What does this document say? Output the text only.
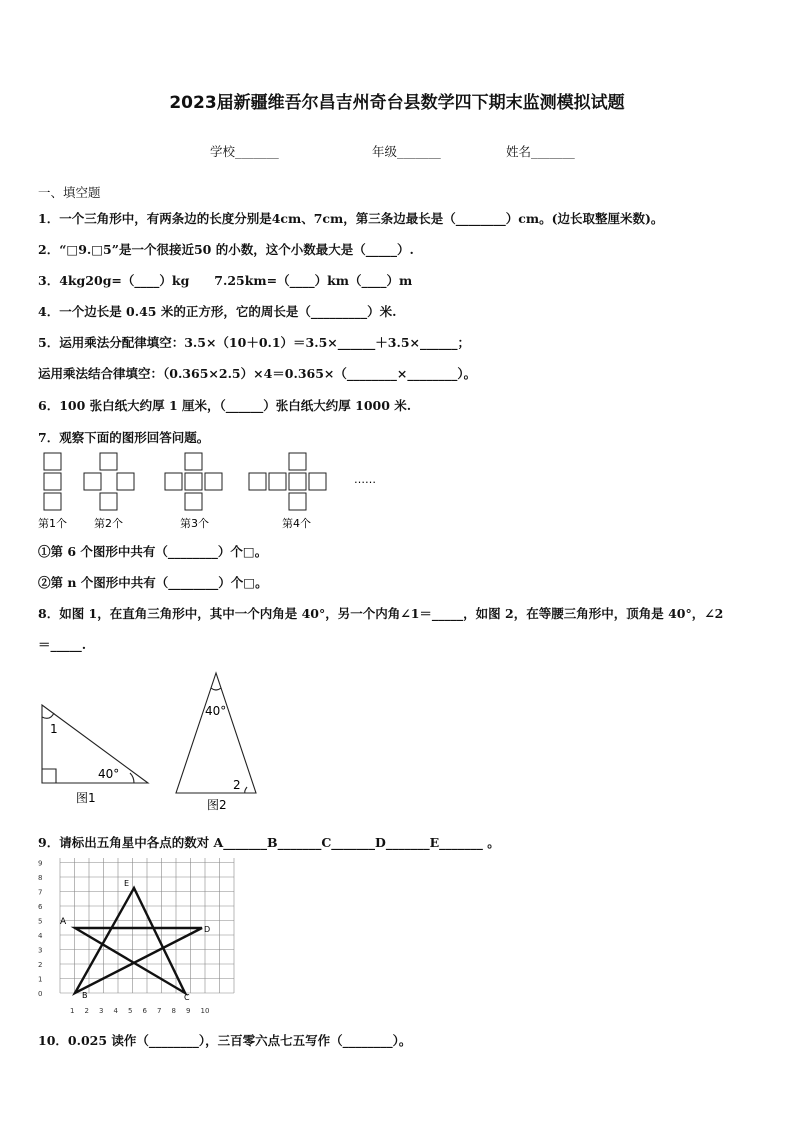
2023届新疆维吾尔昌吉州奇台县数学四下期末监测模拟试题
学校_______	年级_______	姓名_______
一、填空题
1．一个三角形中，有两条边的长度分别是4cm、7cm，第三条边最长是（________）cm。(边长取整厘米数)。
2．“□9.□5”是一个很接近50 的小数，这个小数最大是（_____）.
3．4kg20g=（____）kg　　7.25km=（____）km（____）m
4．一个边长是 0.45 米的正方形，它的周长是（_________）米.
5．运用乘法分配律填空：3.5×（10＋0.1）＝3.5×______＋3.5×______；
运用乘法结合律填空：（0.365×2.5）×4＝0.365×（________×________）。
6．100 张白纸大约厚 1 厘米，（______）张白纸大约厚 1000 米.
7．观察下面的图形回答问题。
……
第1个 第2个	第3个	第4个
①第 6 个图形中共有（________）个□。
②第 n 个图形中共有（________）个□。
8．如图 1，在直角三角形中，其中一个内角是 40°，另一个内角∠1＝_____，如图 2，在等腰三角形中，顶角是 40°，∠2
＝_____.
1
40°
图1
40°
2
图2
9．请标出五角星中各点的数对 A_______B_______C_______D_______E_______ 。
0
1
2
3
4
5
6
7
8
9
1 2 3 4 5 6 7 8 9 10
A
B	C
D
E
10．0.025 读作（________），三百零六点七五写作（________）。
